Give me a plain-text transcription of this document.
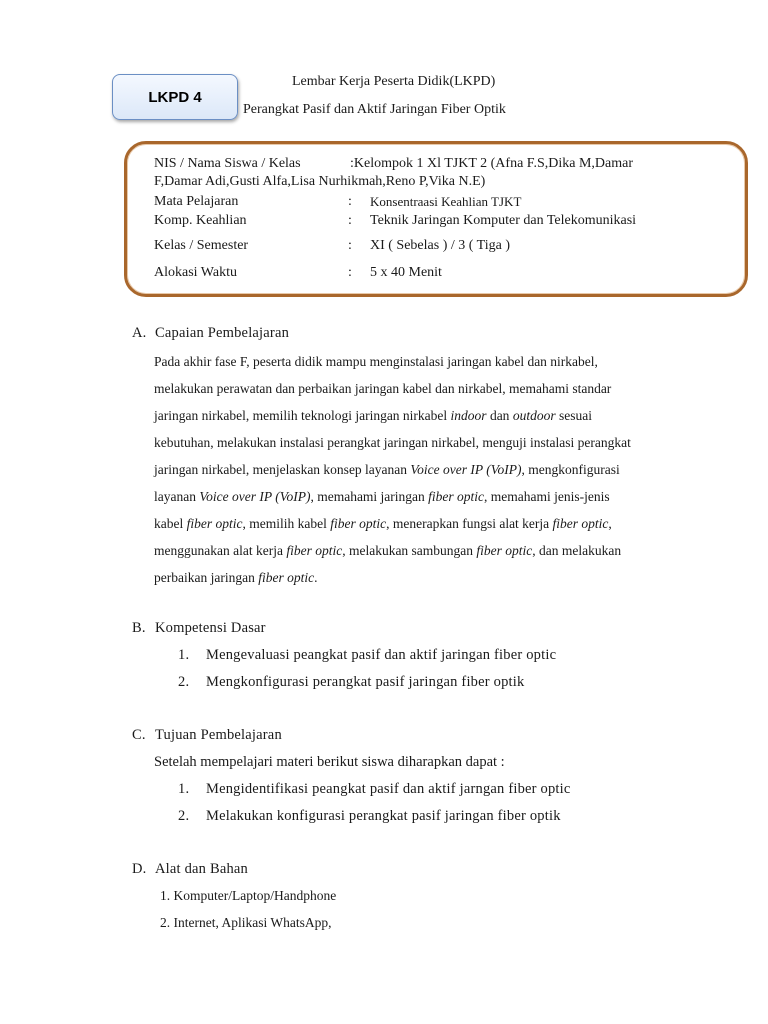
LKPD 4
Lembar Kerja Peserta Didik(LKPD)
Perangkat Pasif dan Aktif Jaringan Fiber Optik
NIS / Nama Siswa / Kelas	:Kelompok 1 Xl TJKT 2 (Afna F.S,Dika M,Damar
F,Damar Adi,Gusti Alfa,Lisa Nurhikmah,Reno P,Vika N.E)
Mata Pelajaran	: Konsentraasi Keahlian TJKT
Komp. Keahlian	: Teknik Jaringan Komputer dan Telekomunikasi
Kelas / Semester	: XI ( Sebelas ) / 3 ( Tiga )
Alokasi Waktu	: 5 x 40 Menit
A. Capaian Pembelajaran

Pada akhir fase F, peserta didik mampu menginstalasi jaringan kabel dan nirkabel,

melakukan perawatan dan perbaikan jaringan kabel dan nirkabel, memahami standar

jaringan nirkabel, memilih teknologi jaringan nirkabel indoor dan outdoor sesuai

kebutuhan, melakukan instalasi perangkat jaringan nirkabel, menguji instalasi perangkat

jaringan nirkabel, menjelaskan konsep layanan Voice over IP (VoIP), mengkonfigurasi

layanan Voice over IP (VoIP), memahami jaringan fiber optic, memahami jenis-jenis

kabel fiber optic, memilih kabel fiber optic, menerapkan fungsi alat kerja fiber optic,

menggunakan alat kerja fiber optic, melakukan sambungan fiber optic, dan melakukan

perbaikan jaringan fiber optic.

B. Kompetensi Dasar
1. Mengevaluasi peangkat pasif dan aktif jaringan fiber optic
2. Mengkonfigurasi perangkat pasif jaringan fiber optik
C. Tujuan Pembelajaran
Setelah mempelajari materi berikut siswa diharapkan dapat :
1. Mengidentifikasi peangkat pasif dan aktif jarngan fiber optic
2. Melakukan konfigurasi perangkat pasif jaringan fiber optik
D. Alat dan Bahan
1. Komputer/Laptop/Handphone
2. Internet, Aplikasi WhatsApp,
